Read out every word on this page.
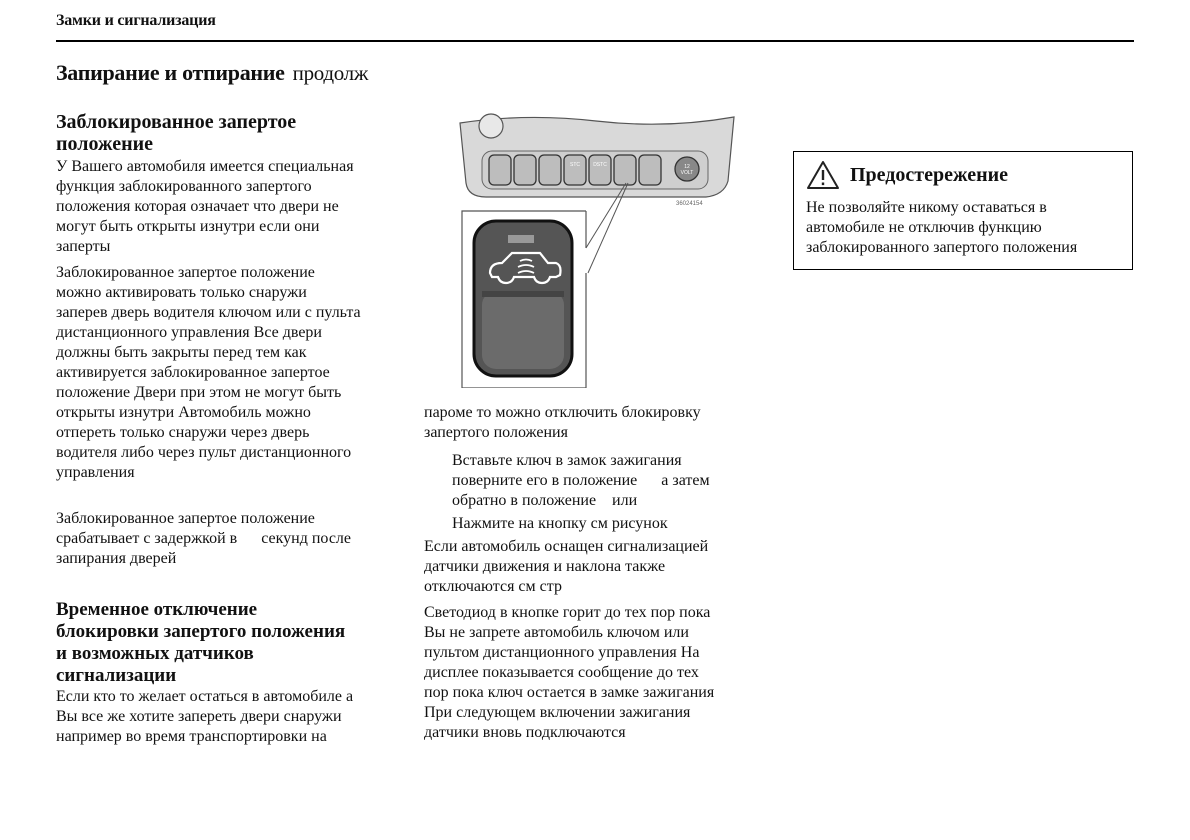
Замки и сигнализация
Запирание и отпирание продолж
Заблокированное запертое
положение

У Вашего автомобиля имеется специальная
функция заблокированного запертого
положения которая означает что двери не
могут быть открыты изнутри если они
заперты

Заблокированное запертое положение
можно активировать только снаружи
заперев дверь водителя ключом или с пульта
дистанционного управления Все двери
должны быть закрыты перед тем как
активируется заблокированное запертое
положение Двери при этом не могут быть
открыты изнутри Автомобиль можно
отпереть только снаружи через дверь
водителя либо через пульт дистанционного
управления

Заблокированное запертое положение
срабатывает с задержкой в      секунд после
запирания дверей

Временное отключение
блокировки запертого положения
и возможных датчиков
сигнализации

Если кто то желает остаться в автомобиле а
Вы все же хотите запереть двери снаружи
например во время транспортировки на

STC	DSTC	12
VOLT
36024154

пароме то можно отключить блокировку
запертого положения

Вставьте ключ в замок зажигания
поверните его в положение      а затем
обратно в положение    или

Нажмите на кнопку см рисунок

Если автомобиль оснащен сигнализацией
датчики движения и наклона также
отключаются см стр

Светодиод в кнопке горит до тех пор пока
Вы не запрете автомобиль ключом или
пультом дистанционного управления На
дисплее показывается сообщение до тех
пор пока ключ остается в замке зажигания
При следующем включении зажигания
датчики вновь подключаются

Предостережение
Не позволяйте никому оставаться в
автомобиле не отключив функцию
заблокированного запертого положения
